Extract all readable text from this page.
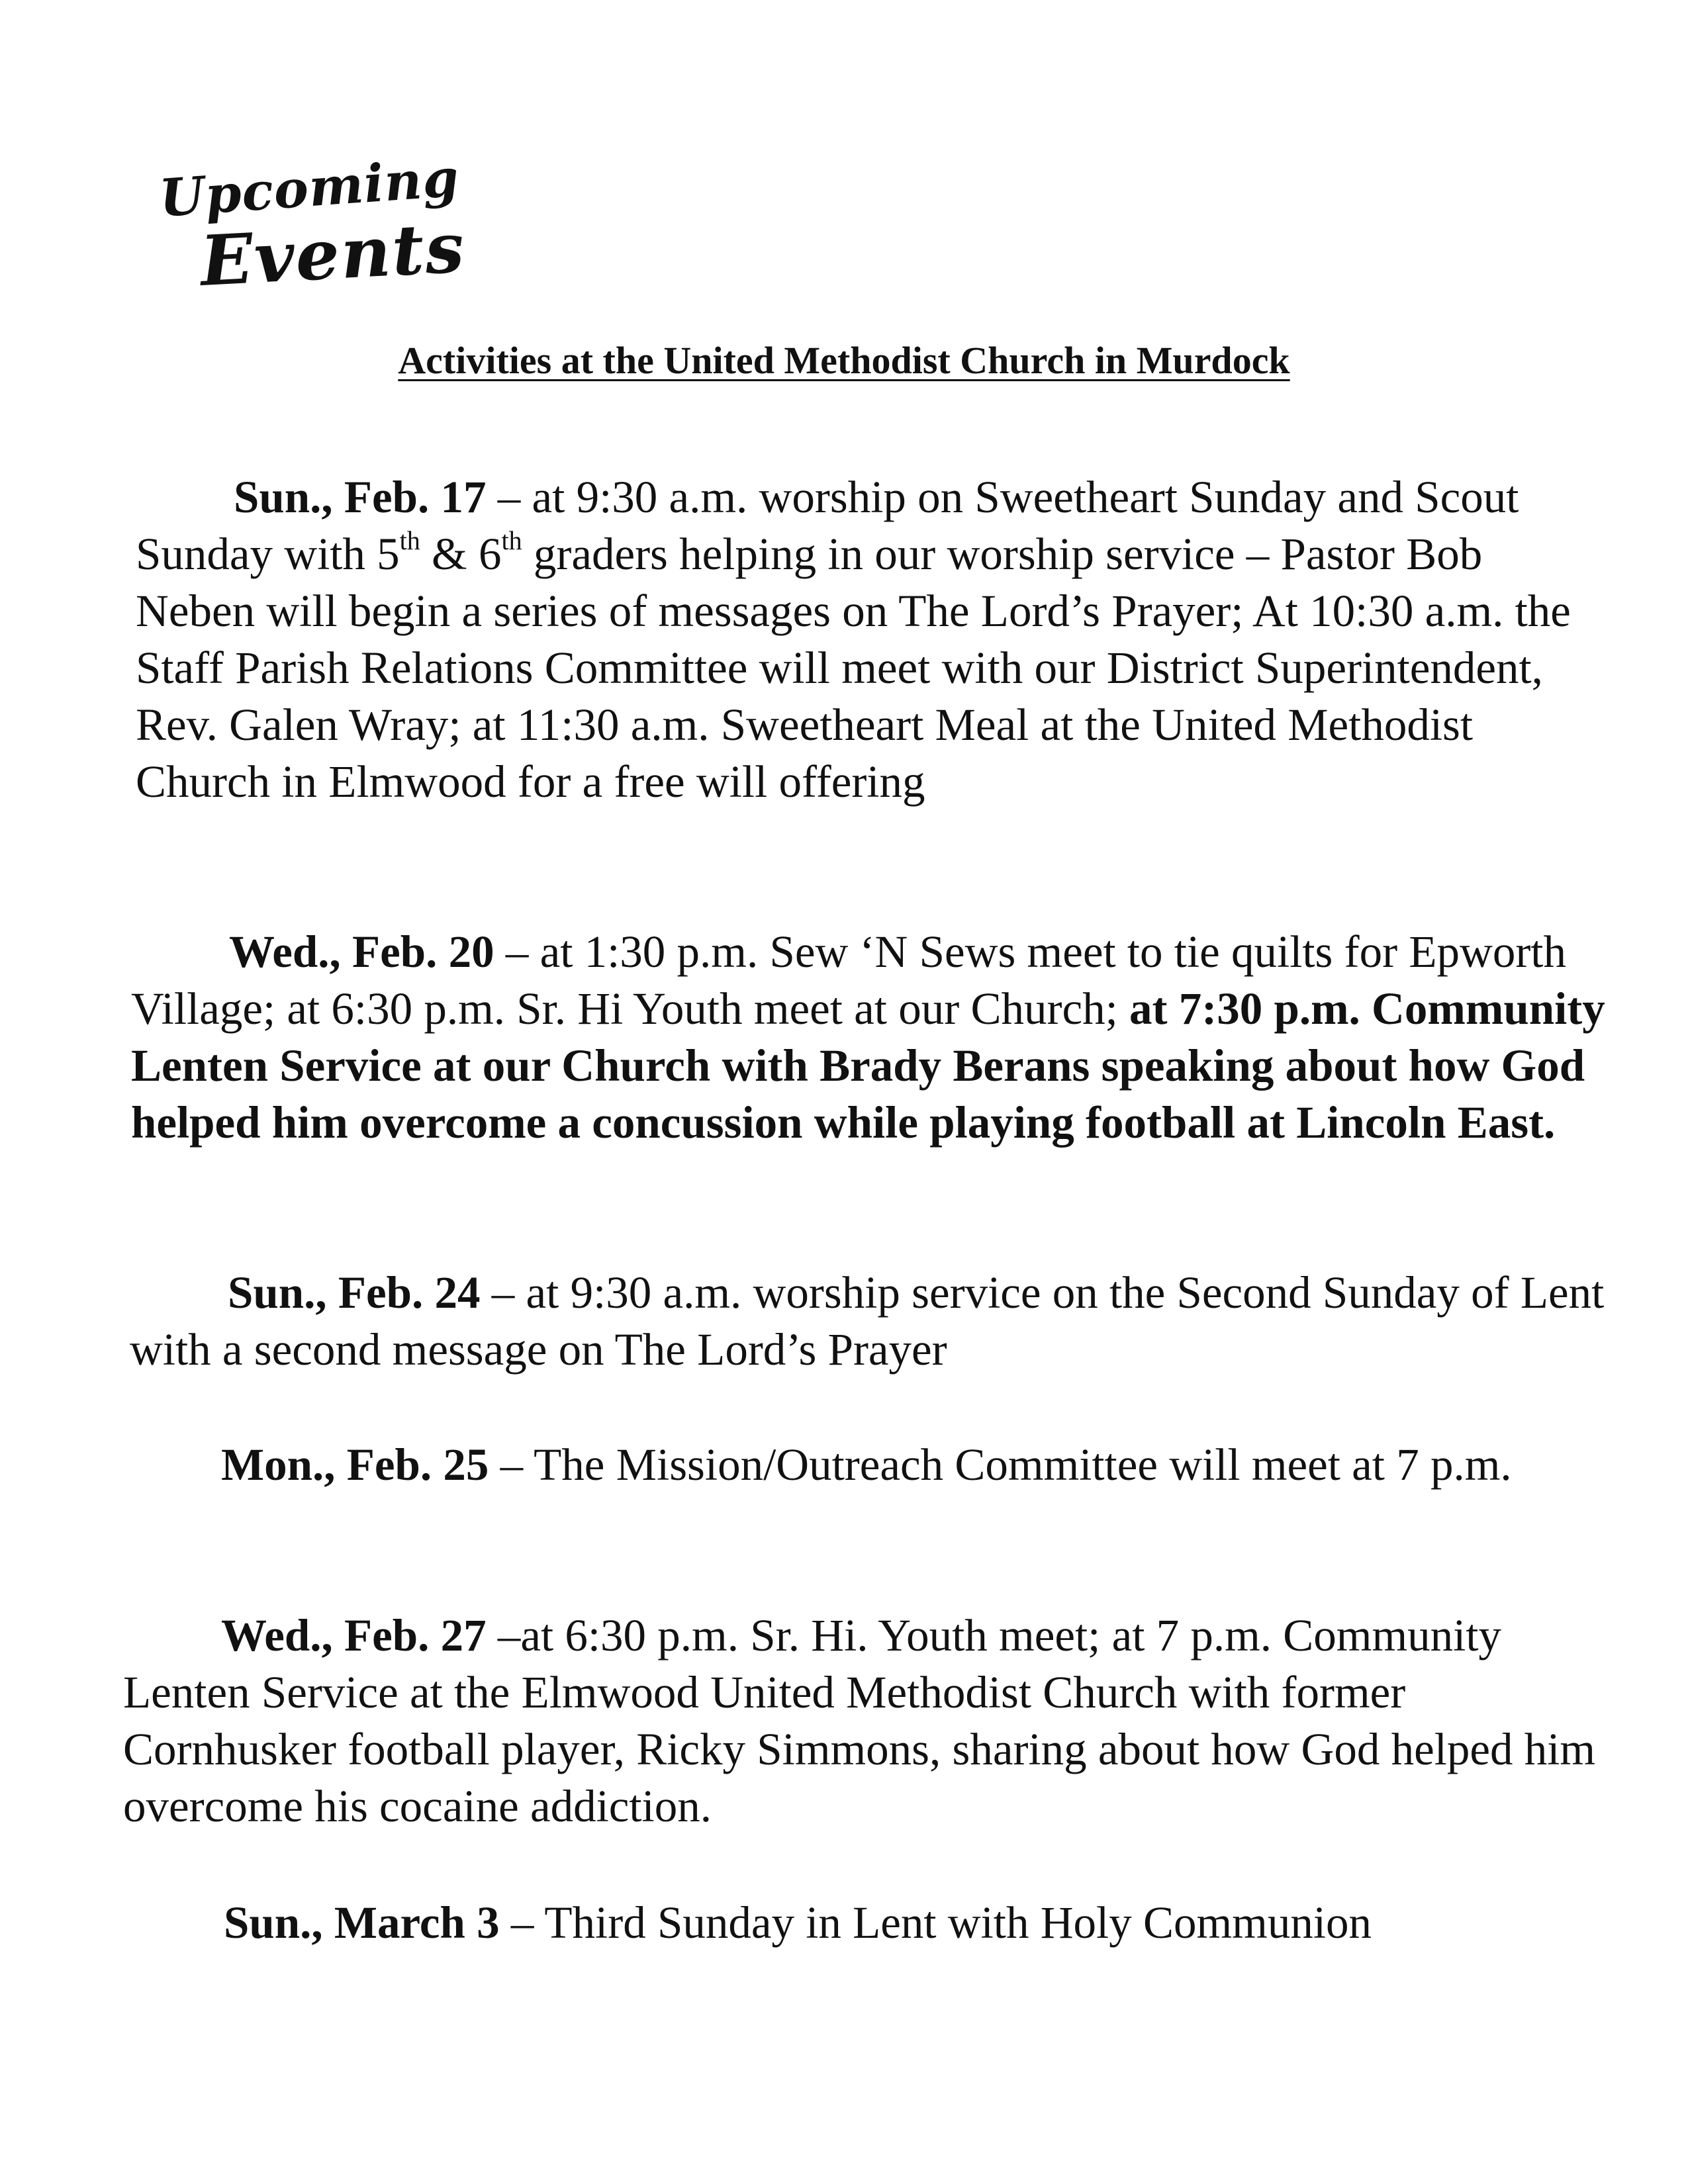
Upcoming
Events
Activities at the United Methodist Church in Murdock

Sun., Feb. 17 – at 9:30 a.m. worship on Sweetheart Sunday and Scout Sunday with 5th & 6th graders helping in our worship service – Pastor Bob Neben will begin a series of messages on The Lord’s Prayer; At 10:30 a.m. the Staff Parish Relations Committee will meet with our District Superintendent, Rev. Galen Wray; at 11:30 a.m. Sweetheart Meal at the United Methodist Church in Elmwood for a free will offering

Wed., Feb. 20 – at 1:30 p.m. Sew ‘N Sews meet to tie quilts for Epworth Village; at 6:30 p.m. Sr. Hi Youth meet at our Church; at 7:30 p.m. Community Lenten Service at our Church with Brady Berans speaking about how God helped him overcome a concussion while playing football at Lincoln East.

Sun., Feb. 24 – at 9:30 a.m. worship service on the Second Sunday of Lent with a second message on The Lord’s Prayer

Mon., Feb. 25 – The Mission/Outreach Committee will meet at 7 p.m.

Wed., Feb. 27 –at 6:30 p.m. Sr. Hi. Youth meet; at 7 p.m. Community Lenten Service at the Elmwood United Methodist Church with former Cornhusker football player, Ricky Simmons, sharing about how God helped him overcome his cocaine addiction.

Sun., March 3 – Third Sunday in Lent with Holy Communion
